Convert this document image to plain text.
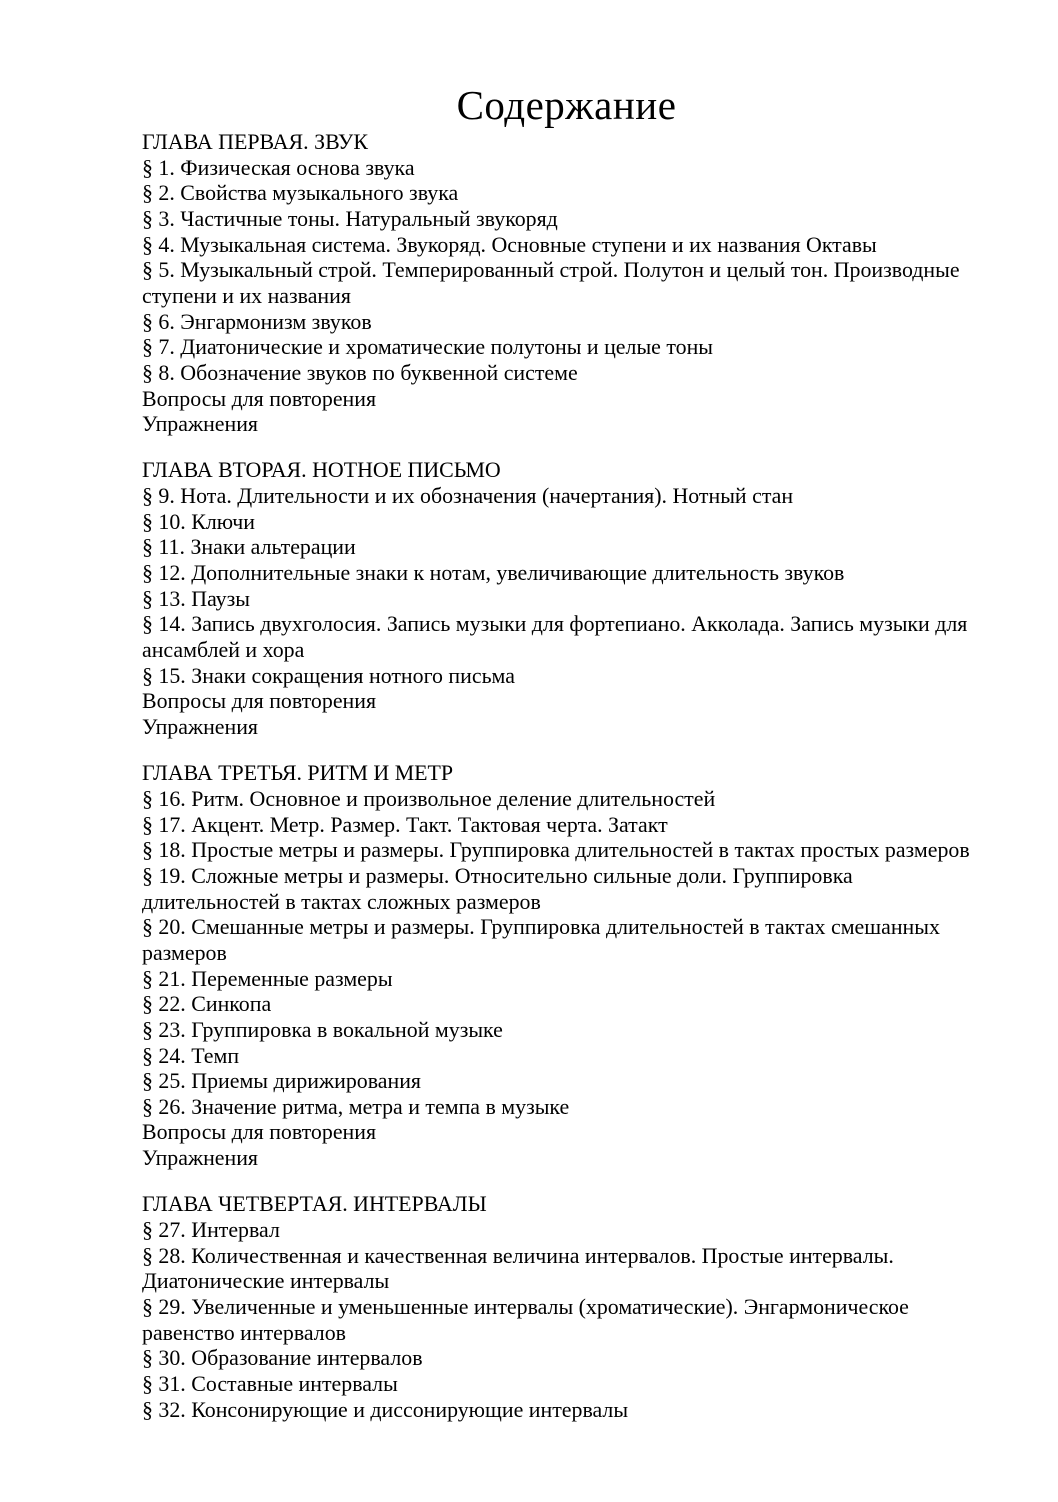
Содержание
ГЛАВА ПЕРВАЯ. ЗВУК
§ 1. Физическая основа звука
§ 2. Свойства музыкального звука
§ 3. Частичные тоны. Натуральный звукоряд
§ 4. Музыкальная система. Звукоряд. Основные ступени и их названия Октавы
§ 5. Музыкальный строй. Темперированный строй. Полутон и целый тон. Производные ступени и их названия
§ 6. Энгармонизм звуков
§ 7. Диатонические и хроматические полутоны и целые тоны
§ 8. Обозначение звуков по буквенной системе
Вопросы для повторения
Упражнения
ГЛАВА ВТОРАЯ. НОТНОЕ ПИСЬМО
§ 9. Нота. Длительности и их обозначения (начертания). Нотный стан
§ 10. Ключи
§ 11. Знаки альтерации
§ 12. Дополнительные знаки к нотам, увеличивающие длительность звуков
§ 13. Паузы
§ 14. Запись двухголосия. Запись музыки для фортепиано. Акколада. Запись музыки для ансамблей и хора
§ 15. Знаки сокращения нотного письма
Вопросы для повторения
Упражнения
ГЛАВА ТРЕТЬЯ. РИТМ И МЕТР
§ 16. Ритм. Основное и произвольное деление длительностей
§ 17. Акцент. Метр. Размер. Такт. Тактовая черта. Затакт
§ 18. Простые метры и размеры. Группировка длительностей в тактах простых размеров
§ 19. Сложные метры и размеры. Относительно сильные доли. Группировка длительностей в тактах сложных размеров
§ 20. Смешанные метры и размеры. Группировка длительностей в тактах смешанных размеров
§ 21. Переменные размеры
§ 22. Синкопа
§ 23. Группировка в вокальной музыке
§ 24. Темп
§ 25. Приемы дирижирования
§ 26. Значение ритма, метра и темпа в музыке
Вопросы для повторения
Упражнения
ГЛАВА ЧЕТВЕРТАЯ. ИНТЕРВАЛЫ
§ 27. Интервал
§ 28. Количественная и качественная величина интервалов. Простые интервалы. Диатонические интервалы
§ 29. Увеличенные и уменьшенные интервалы (хроматические). Энгармоническое равенство интервалов
§ 30. Образование интервалов
§ 31. Составные интервалы
§ 32. Консонирующие и диссонирующие интервалы
